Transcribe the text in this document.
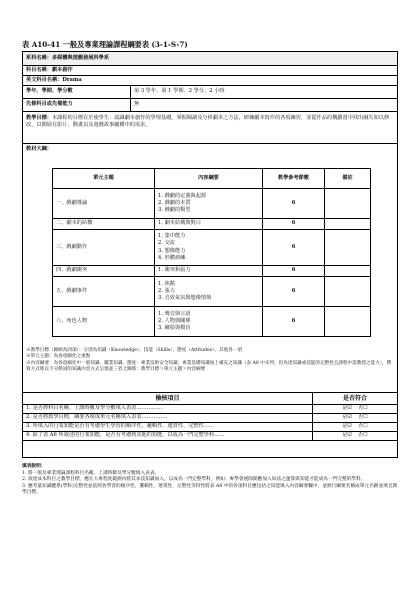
表 A10-41 一般及專業理論課程綱要表 (3-1-S-7)
系科名稱：多媒體與遊戲發展科學系	
科目名稱：劇本創作	
英文科目名稱：Drama	
學年、學期、學分數	第 3 學年、第 1 學期、2 學分、2 小時
先修科目或先備能力	無
教學目標：本課程的目標在於使學生：認識劇本創作的學理基礎，掌握閱讀及分析劇本之方法，研練劇本寫作的各項練習，並從作品的構劃當中找出融失如以修改，以開展在影片、動畫以及遊戲故事劇構中的需求。	
教材大綱：	
單元主題	內容綱要	教學參考節數	備註
一、戲劇導論	1. 戲劇的定義與起源
2. 戲劇的本質
3. 戲劇的類型	6	
二、劇本的結構	1. 劇本結構與對白	6	
三、戲劇動作	1. 集中能力
2. 交流
3. 想像能力
4. 形體訓練	6	
四、戲劇衝突	1. 衝突和張力	6	
五、戲劇事件	1. 焦點
2. 張力
3. 音效氣氛與想像情境	6	
六、角色人物	1. 聲音與言語
2. 人物與關係
3. 繪影與模仿	6	
※教學目標（歸納為四項）：分別為知識（Knowledge）、技能（Skills）、態度（Attitudes）、其他各一項
※單元主題：為各項細化之重點
※內容綱要：為各項細化中一般知識、職業知識、態度：專業技術安全知識；專業基礎知識加上補充之知識（表 A8 中未列，但為達知識或技能的完整性且課程中需教授之能力），撰寫方式係以不分動詞的知識內容方式呈現並三者之關係：教學目標＞單元主題＞內容綱要
檢核項目	是否符合
1. 是否將科目名稱、上課時數及學分數填入表表……………	是☑ 否☐
2. 是否將教學目標，綱要各填成單元名稱填入表表……………	是☑ 否☐
3. 所填入的行業知能是否有考慮學生學習的順序性，邏輯性、連貫性、完整性……	是☑ 否☐
4. 除了表 A6 所敘述的行業知能，是否有考慮到其他的知能，以成為一門完整學科……	是☑ 否☐
填表說明：
1. 將一般及專業理論課程科目名稱、上課時數及學分數填入表表。
2. 欲達成本科目之教學目標，應在大專程度範圍內將其本技知識加入，以成為一門完整學科，例如：專學會展除開應加入如法之運算與知能才能成為一門完整的學科。
3. 應考量知識體系(學科)完整性並依照各學習的順序性、邏輯性、連貫性、完整性等特性將表 A8 中的各項科目應包括之知能填入內容綱要欄中，並無行綱要名稱成單元名稱並填且教學目標。
